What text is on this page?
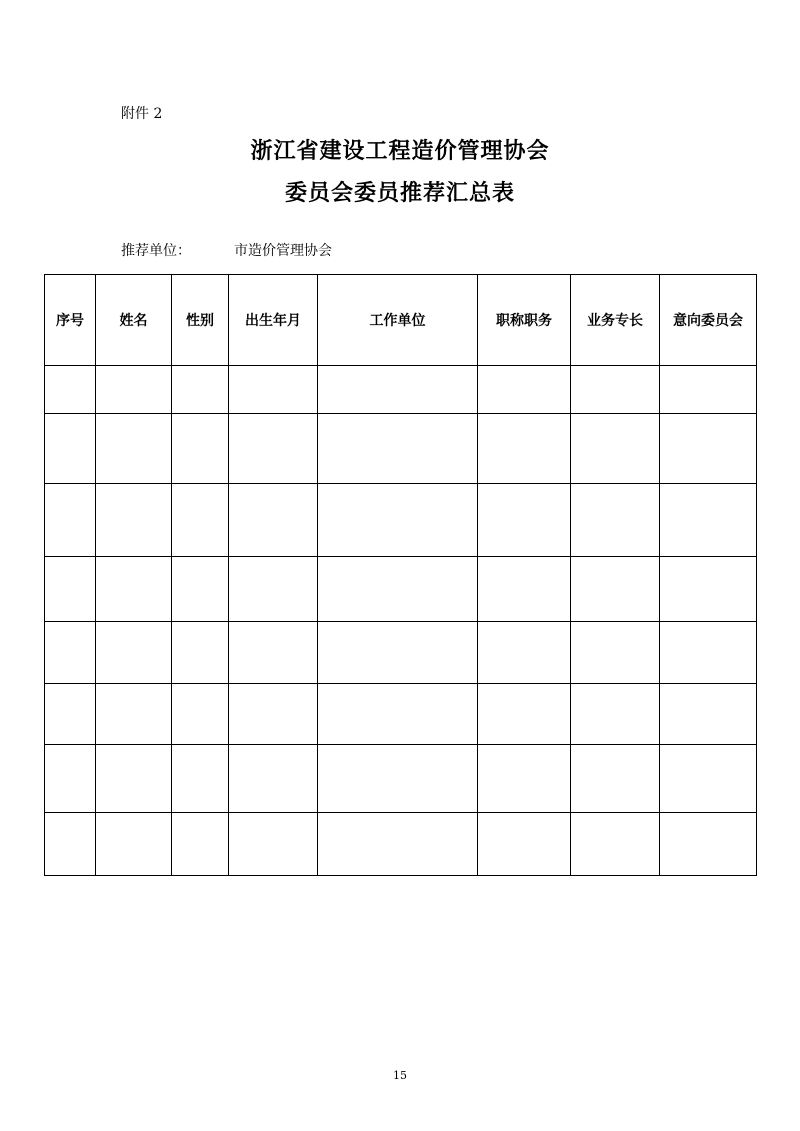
附件 2
浙江省建设工程造价管理协会
委员会委员推荐汇总表
推荐单位：	市造价管理协会
序号	姓名	性别	出生年月	工作单位	职称职务	业务专长	意向委员会

15
